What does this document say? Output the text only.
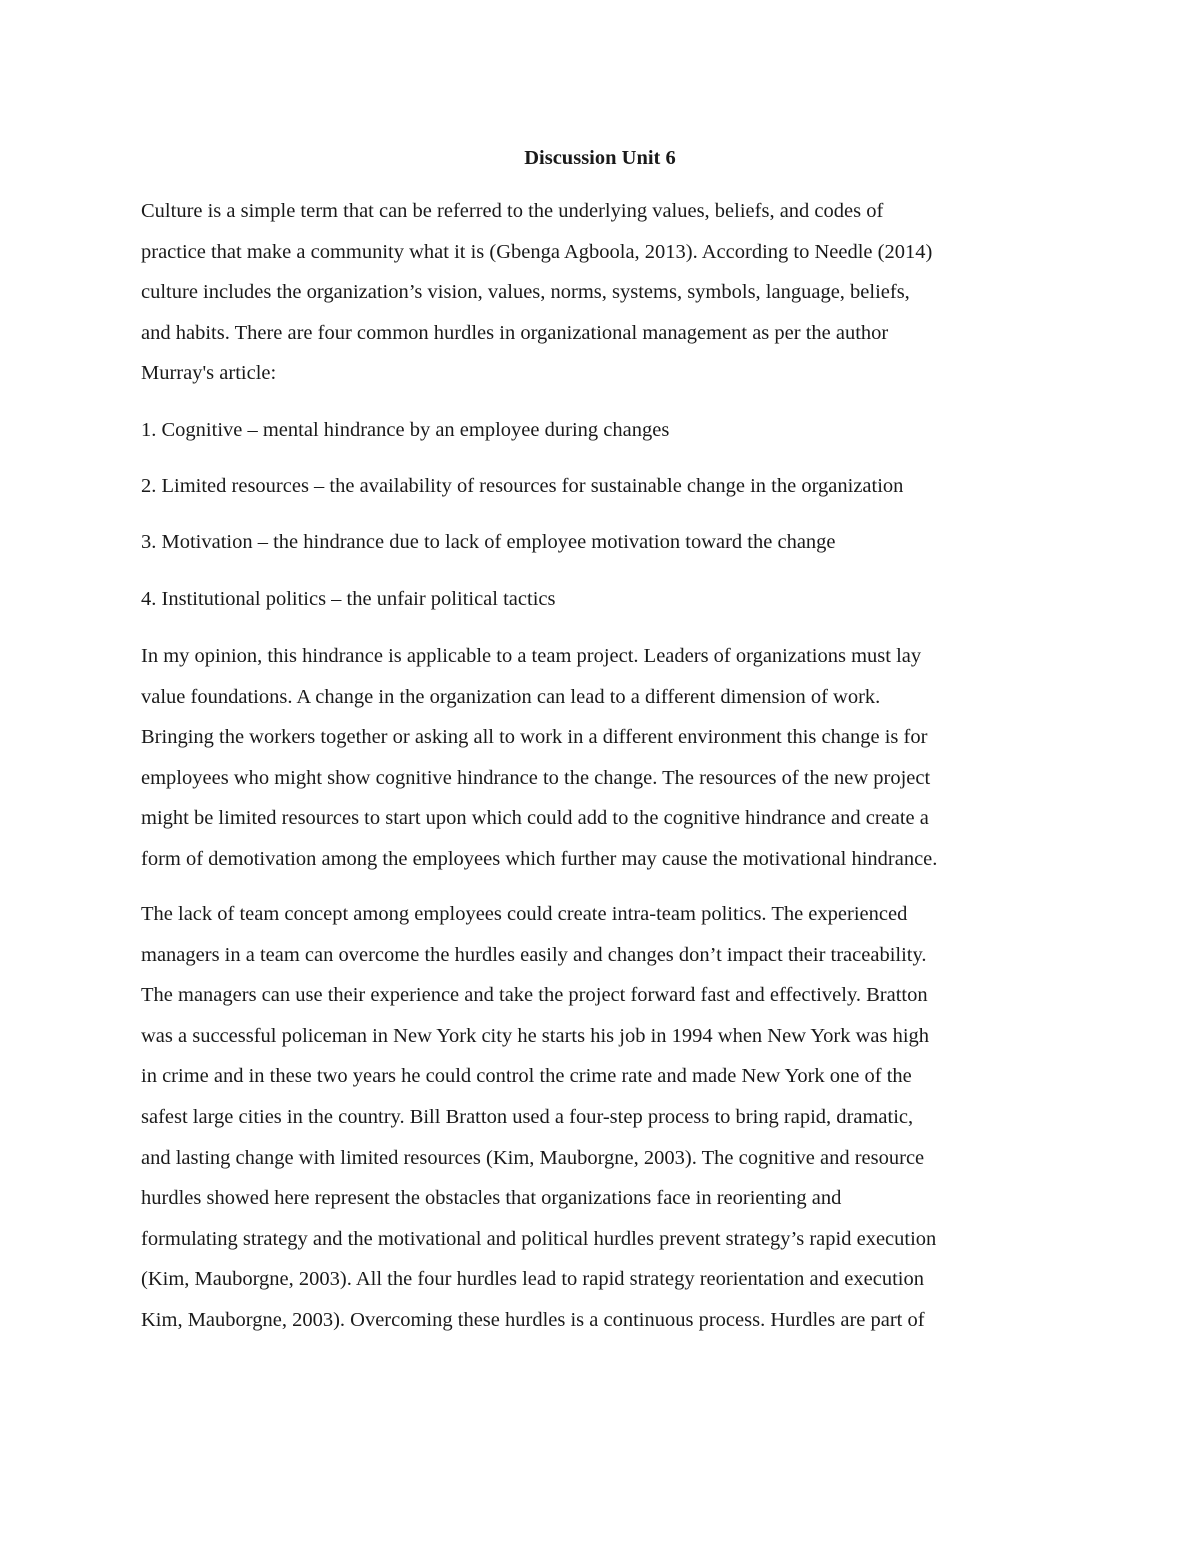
Discussion Unit 6

Culture is a simple term that can be referred to the underlying values, beliefs, and codes of
practice that make a community what it is (Gbenga Agboola, 2013). According to Needle (2014)
culture includes the organization’s vision, values, norms, systems, symbols, language, beliefs,
and habits. There are four common hurdles in organizational management as per the author
Murray's article:

1. Cognitive – mental hindrance by an employee during changes

2. Limited resources – the availability of resources for sustainable change in the organization

3. Motivation – the hindrance due to lack of employee motivation toward the change

4. Institutional politics – the unfair political tactics

In my opinion, this hindrance is applicable to a team project. Leaders of organizations must lay
value foundations. A change in the organization can lead to a different dimension of work.
Bringing the workers together or asking all to work in a different environment this change is for
employees who might show cognitive hindrance to the change. The resources of the new project
might be limited resources to start upon which could add to the cognitive hindrance and create a
form of demotivation among the employees which further may cause the motivational hindrance.

The lack of team concept among employees could create intra-team politics. The experienced
managers in a team can overcome the hurdles easily and changes don’t impact their traceability.
The managers can use their experience and take the project forward fast and effectively. Bratton
was a successful policeman in New York city he starts his job in 1994 when New York was high
in crime and in these two years he could control the crime rate and made New York one of the
safest large cities in the country. Bill Bratton used a four-step process to bring rapid, dramatic,
and lasting change with limited resources (Kim, Mauborgne, 2003). The cognitive and resource
hurdles showed here represent the obstacles that organizations face in reorienting and
formulating strategy and the motivational and political hurdles prevent strategy’s rapid execution
(Kim, Mauborgne, 2003). All the four hurdles lead to rapid strategy reorientation and execution
Kim, Mauborgne, 2003). Overcoming these hurdles is a continuous process. Hurdles are part of
